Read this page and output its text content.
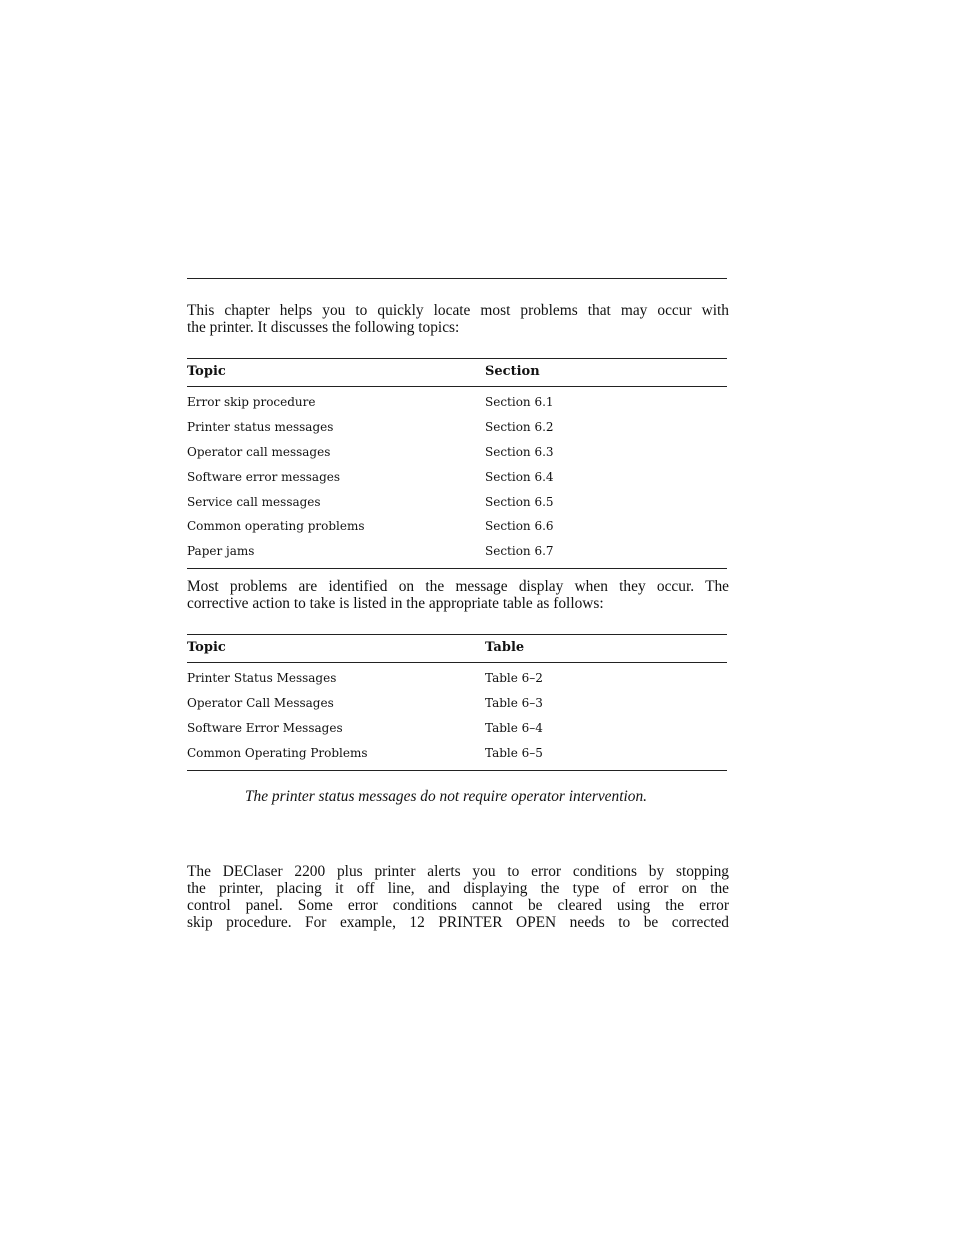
This chapter helps you to quickly locate most problems that may occur with
the printer. It discusses the following topics:

Topic	Section
Error skip procedure	Section 6.1
Printer status messages	Section 6.2
Operator call messages	Section 6.3
Software error messages	Section 6.4
Service call messages	Section 6.5
Common operating problems	Section 6.6
Paper jams	Section 6.7

Most problems are identified on the message display when they occur. The
corrective action to take is listed in the appropriate table as follows:

Topic	Table
Printer Status Messages	Table 6–2
Operator Call Messages	Table 6–3
Software Error Messages	Table 6–4
Common Operating Problems	Table 6–5
The printer status messages do not require operator intervention.

The DEClaser 2200 plus printer alerts you to error conditions by stopping
the printer, placing it off line, and displaying the type of error on the
control panel. Some error conditions cannot be cleared using the error
skip procedure. For example, 12 PRINTER OPEN needs to be corrected
